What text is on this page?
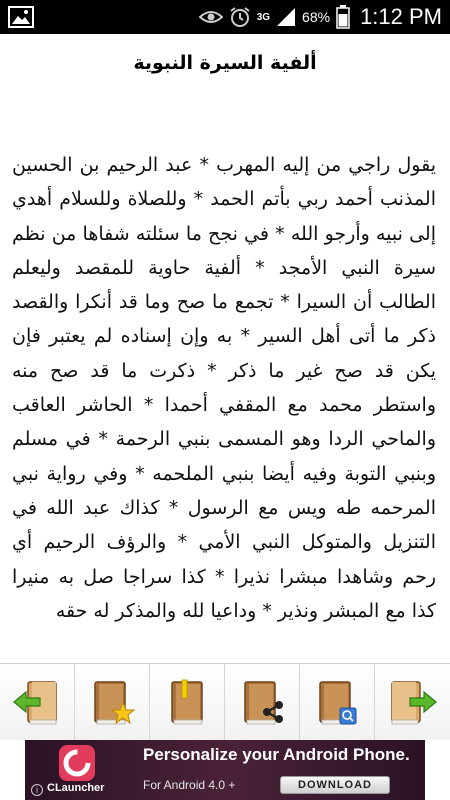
3G 68% 1:12 PM
ألفية السيرة النبوية

يقول راجي من إليه المهرب * عبد الرحيم بن الحسين المذنب أحمد ربي بأتم الحمد * وللصلاة وللسلام أهدي إلى نبيه وأرجو الله * في نجح ما سئلته شفاها من نظم سيرة النبي الأمجد * ألفية حاوية للمقصد وليعلم الطالب أن السيرا * تجمع ما صح وما قد أنكرا والقصد ذكر ما أتى أهل السير * به وإن إسناده لم يعتبر فإن يكن قد صح غير ما ذكر * ذكرت ما قد صح منه واستطر محمد مع المقفي أحمدا * الحاشر العاقب والماحي الردا وهو المسمى بنبي الرحمة * في مسلم وبنبي التوبة وفيه أيضا بنبي الملحمه * وفي رواية نبي المرحمه طه ويس مع الرسول * كذاك عبد الله في التنزيل والمتوكل النبي الأمي * والرؤف الرحيم أي رحم وشاهدا مبشرا نذيرا * كذا سراجا صل به منيرا كذا مع المبشر ونذير * وداعيا لله والمذكر له حقه

i CLauncher
Personalize your Android Phone.
For Android 4.0 +	DOWNLOAD
